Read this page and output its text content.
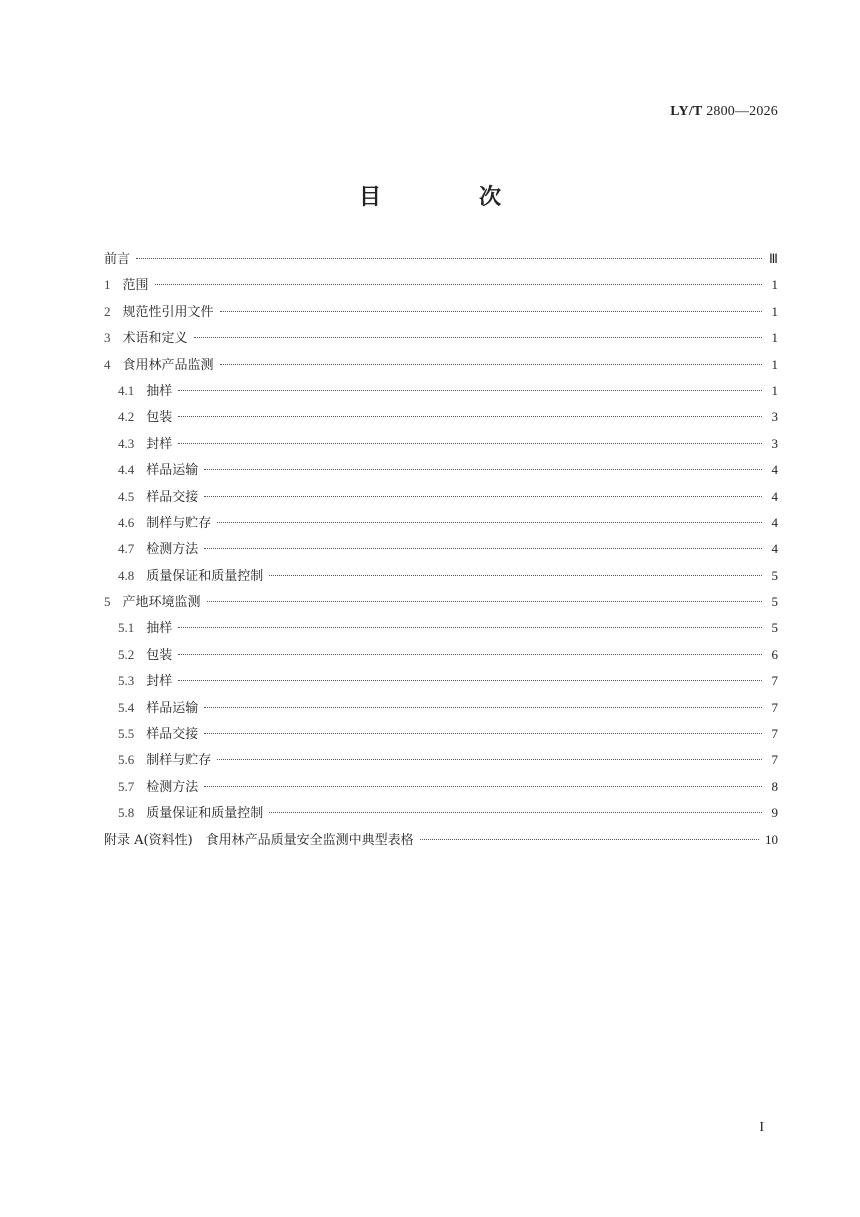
LY/T 2800—2026
目　次
前言	Ⅲ
1 范围	1
2 规范性引用文件	1
3 术语和定义	1
4 食用林产品监测	1
4.1 抽样	1
4.2 包装	3
4.3 封样	3
4.4 样品运输	4
4.5 样品交接	4
4.6 制样与贮存	4
4.7 检测方法	4
4.8 质量保证和质量控制	5
5 产地环境监测	5
5.1 抽样	5
5.2 包装	6
5.3 封样	7
5.4 样品运输	7
5.5 样品交接	7
5.6 制样与贮存	7
5.7 检测方法	8
5.8 质量保证和质量控制	9
附录 A(资料性)　食用林产品质量安全监测中典型表格	10
I
